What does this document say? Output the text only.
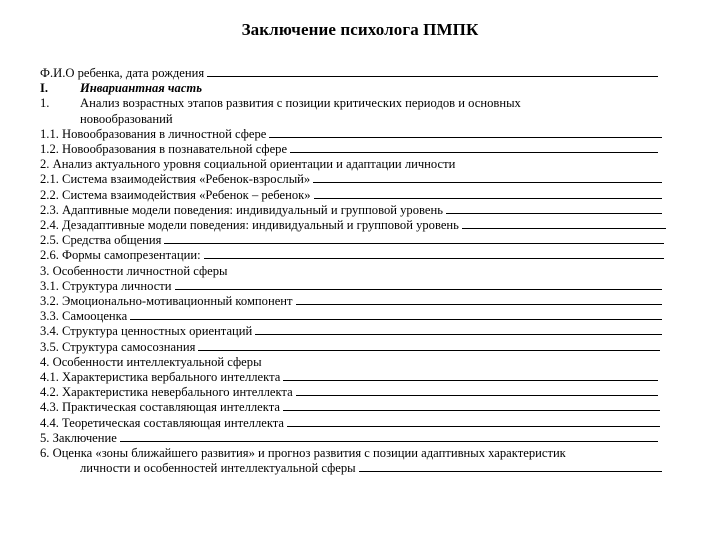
Заключение психолога ПМПК
Ф.И.О ребенка, дата рождения
I.	Инвариантная часть
1.	Анализ возрастных этапов развития с позиции критических периодов и основных
новообразований
1.1. Новообразования в личностной сфере
1.2. Новообразования в познавательной сфере
2. Анализ актуального уровня социальной ориентации и адаптации личности
2.1. Система взаимодействия «Ребенок-взрослый»
2.2. Система взаимодействия «Ребенок – ребенок»
2.3. Адаптивные модели поведения: индивидуальный и групповой уровень
2.4. Дезадаптивные модели поведения: индивидуальный и групповой уровень
2.5. Средства общения
2.6. Формы самопрезентации:
3. Особенности личностной сферы
3.1. Структура личности
3.2. Эмоционально-мотивационный компонент
3.3. Самооценка
3.4. Структура ценностных ориентаций
3.5. Структура самосознания
4. Особенности интеллектуальной сферы
4.1. Характеристика вербального интеллекта
4.2. Характеристика невербального интеллекта
4.3. Практическая составляющая интеллекта
4.4. Теоретическая составляющая интеллекта
5. Заключение
6. Оценка «зоны ближайшего развития» и прогноз развития с позиции адаптивных характеристик
личности и особенностей интеллектуальной сферы
